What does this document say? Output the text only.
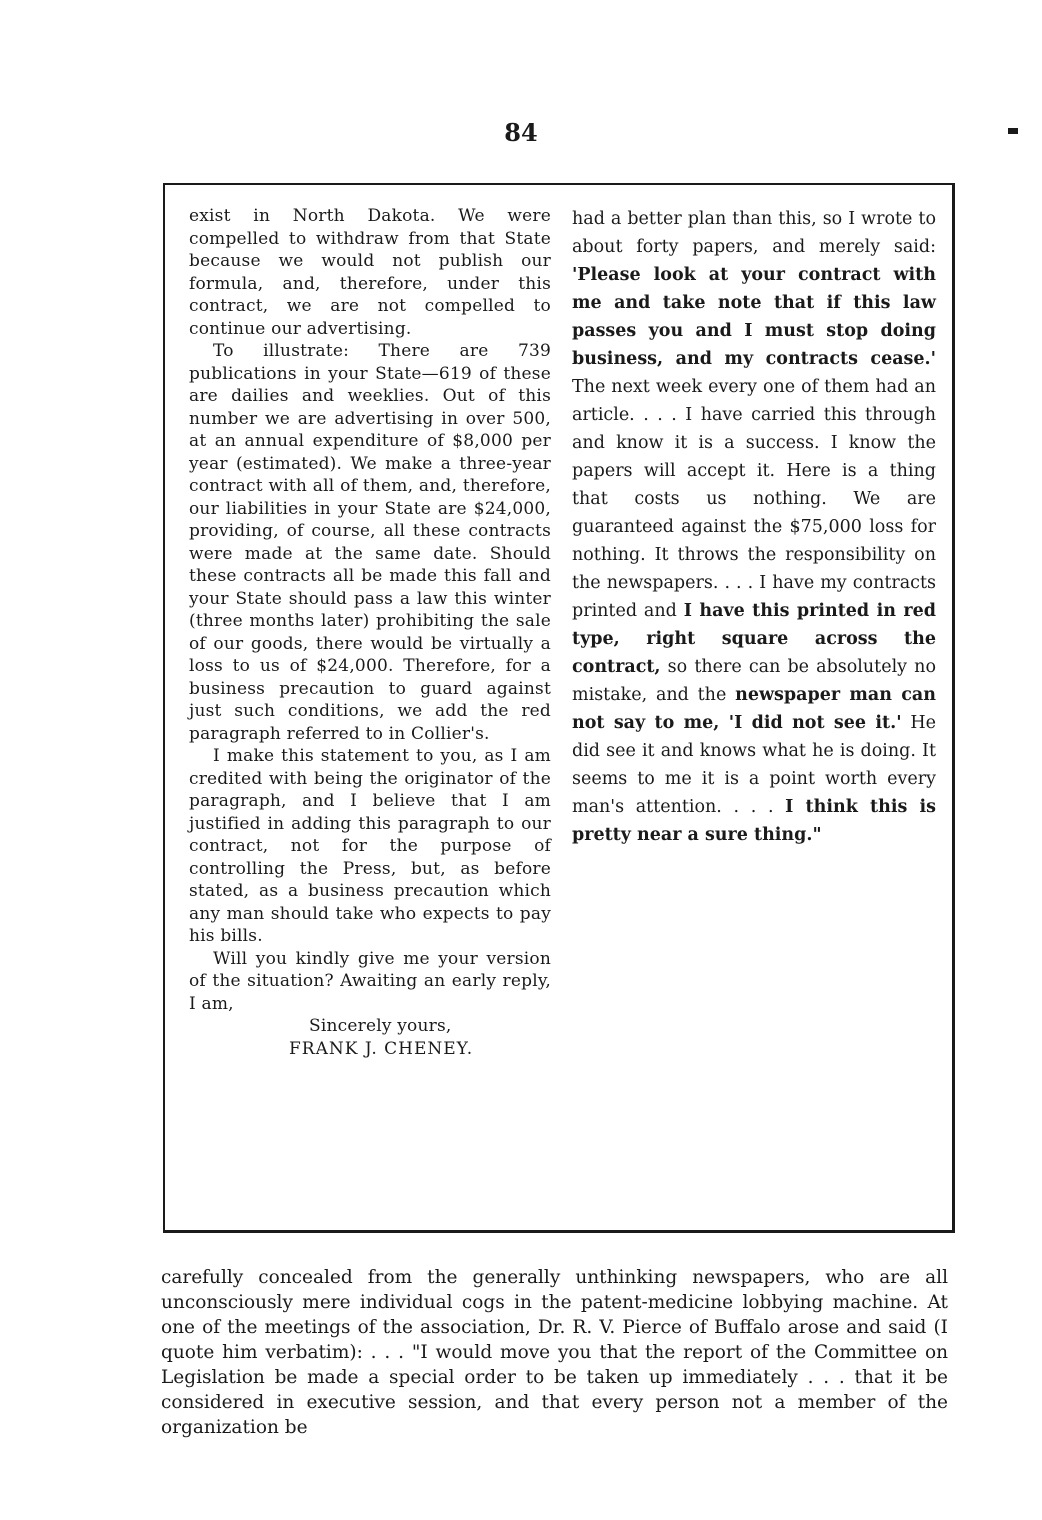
84

exist in North Dakota. We were compelled to withdraw from that State because we would not publish our formula, and, therefore, under this contract, we are not compelled to continue our advertising.

To illustrate: There are 739 publications in your State—619 of these are dailies and weeklies. Out of this number we are advertising in over 500, at an annual expenditure of $8,000 per year (estimated). We make a three-year contract with all of them, and, therefore, our liabilities in your State are $24,000, providing, of course, all these contracts were made at the same date. Should these contracts all be made this fall and your State should pass a law this winter (three months later) prohibiting the sale of our goods, there would be virtually a loss to us of $24,000. Therefore, for a business precaution to guard against just such conditions, we add the red paragraph referred to in Collier's.

I make this statement to you, as I am credited with being the originator of the paragraph, and I believe that I am justified in adding this paragraph to our contract, not for the purpose of controlling the Press, but, as before stated, as a business precaution which any man should take who expects to pay his bills.

Will you kindly give me your version of the situation? Awaiting an early reply, I am,

Sincerely yours,

FRANK J. CHENEY.

had a better plan than this, so I wrote to about forty papers, and merely said: 'Please look at your contract with me and take note that if this law passes you and I must stop doing business, and my contracts cease.' The next week every one of them had an article. . . . I have carried this through and know it is a success. I know the papers will accept it. Here is a thing that costs us nothing. We are guaranteed against the $75,000 loss for nothing. It throws the responsibility on the newspapers. . . . I have my contracts printed and I have this printed in red type, right square across the contract, so there can be absolutely no mistake, and the newspaper man can not say to me, 'I did not see it.' He did see it and knows what he is doing. It seems to me it is a point worth every man's attention. . . . I think this is pretty near a sure thing."

carefully concealed from the generally unthinking newspapers, who are all unconsciously mere individual cogs in the patent-medicine lobbying machine. At one of the meetings of the association, Dr. R. V. Pierce of Buffalo arose and said (I quote him verbatim): . . . "I would move you that the report of the Committee on Legislation be made a special order to be taken up immediately . . . that it be considered in executive session, and that every person not a member of the organization be
